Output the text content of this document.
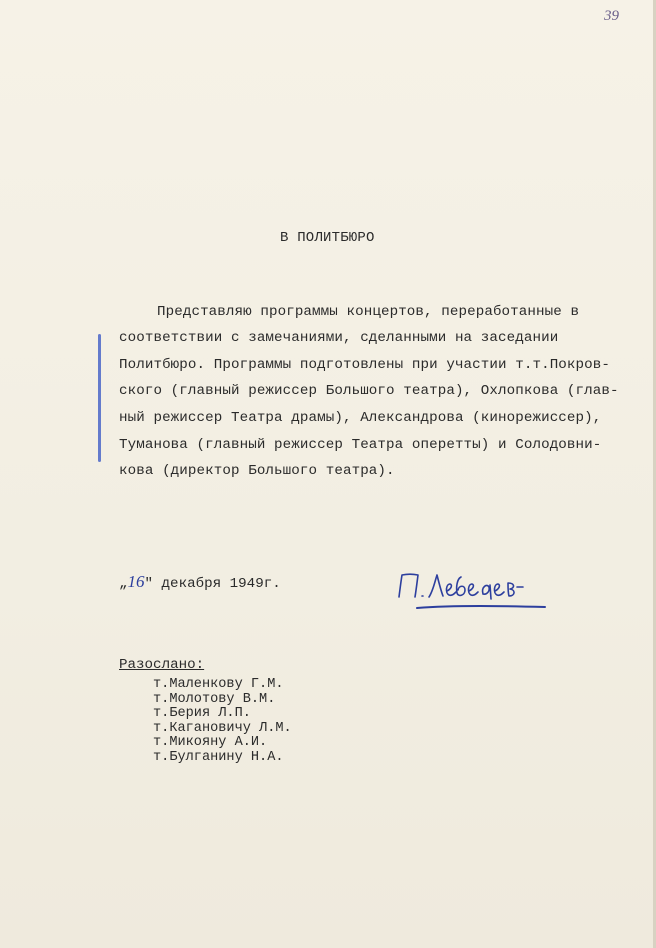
39
В ПОЛИТБЮРО
Представляю программы концертов, переработанные в
соответствии с замечаниями, сделанными на заседании
Политбюро. Программы подготовлены при участии т.т.Покров-
ского (главный режиссер Большого театра), Охлопкова (глав-
ный режиссер Театра драмы), Александрова (кинорежиссер),
Туманова (главный режиссер Театра оперетты) и Солодовни-
кова (директор Большого театра).
„16" декабря 1949г.
Разослано:
т.Маленкову Г.М.
т.Молотову В.М.
т.Берия Л.П.
т.Кагановичу Л.М.
т.Микояну А.И.
т.Булганину Н.А.
